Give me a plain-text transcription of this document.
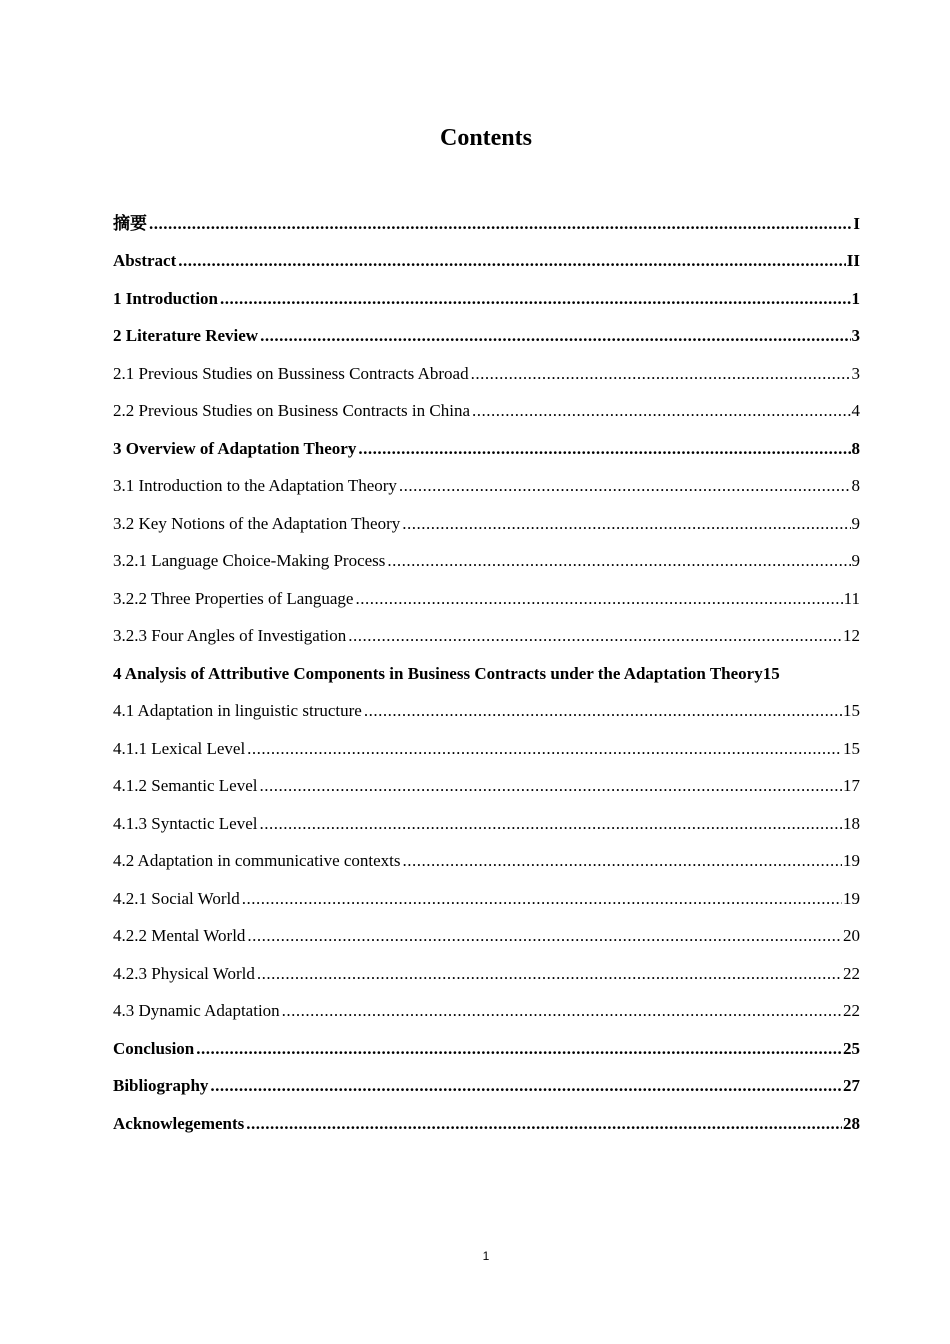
Contents
摘要 .....	I
Abstract .....	II
1 Introduction .....	1
2 Literature Review .....	3
2.1 Previous Studies on Bussiness Contracts Abroad .....	3
2.2 Previous Studies on Business Contracts in China .....	4
3 Overview of Adaptation Theory .....	8
3.1 Introduction to the Adaptation Theory .....	8
3.2 Key Notions of the Adaptation Theory .....	9
3.2.1 Language Choice-Making Process .....	9
3.2.2 Three Properties of Language .....	11
3.2.3 Four Angles of Investigation .....	12
4 Analysis of Attributive Components in Business Contracts under the Adaptation Theory 15
4.1 Adaptation in linguistic structure .....	15
4.1.1 Lexical Level .....	15
4.1.2 Semantic Level .....	17
4.1.3 Syntactic Level .....	18
4.2 Adaptation in communicative contexts .....	19
4.2.1 Social World .....	19
4.2.2 Mental World .....	20
4.2.3 Physical World .....	22
4.3 Dynamic Adaptation .....	22
Conclusion .....	25
Bibliography .....	27
Acknowlegements .....	28
1
